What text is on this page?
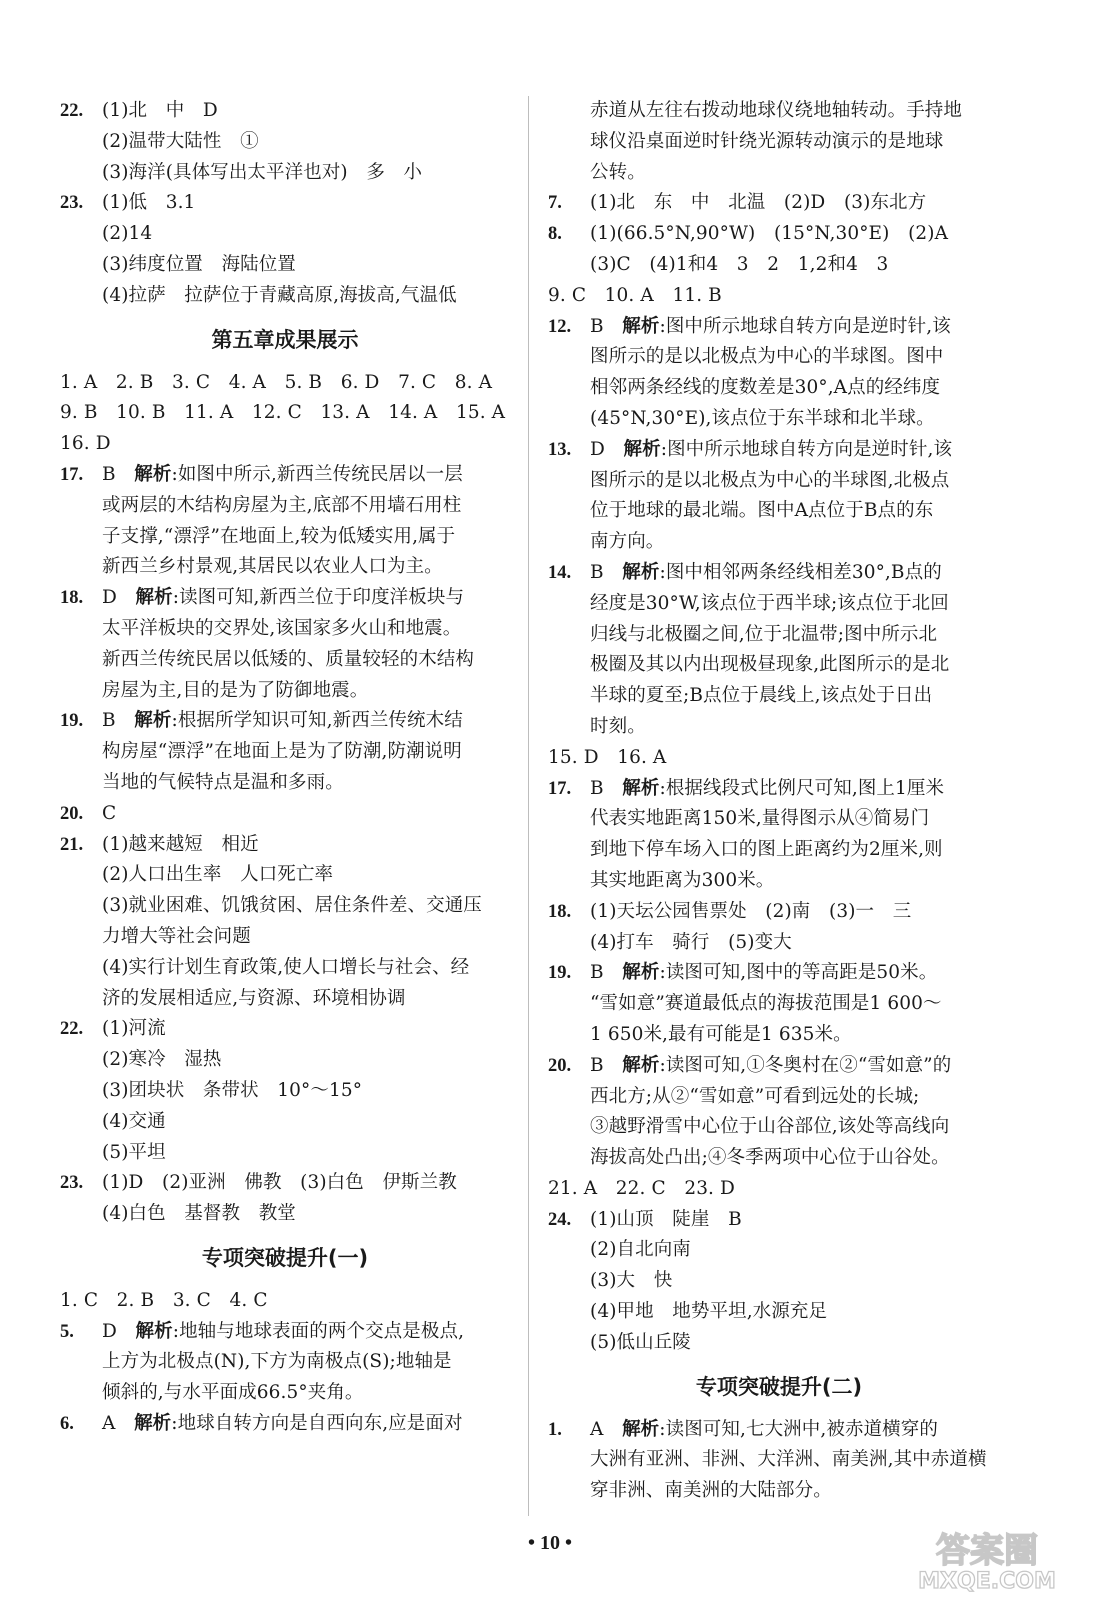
22.	(1)北　中　D
(2)温带大陆性　①
(3)海洋(具体写出太平洋也对)　多　小
23.	(1)低　3.1
(2)14
(3)纬度位置　海陆位置
(4)拉萨　拉萨位于青藏高原,海拔高,气温低
第五章成果展示
1. A　2. B　3. C　4. A　5. B　6. D　7. C　8. A
9. B　10. B　11. A　12. C　13. A　14. A　15. A
16. D
17.	B　解析:如图中所示,新西兰传统民居以一层
或两层的木结构房屋为主,底部不用墙石用柱
子支撑,“漂浮”在地面上,较为低矮实用,属于
新西兰乡村景观,其居民以农业人口为主。
18.	D　解析:读图可知,新西兰位于印度洋板块与
太平洋板块的交界处,该国家多火山和地震。
新西兰传统民居以低矮的、质量较轻的木结构
房屋为主,目的是为了防御地震。
19.	B　解析:根据所学知识可知,新西兰传统木结
构房屋“漂浮”在地面上是为了防潮,防潮说明
当地的气候特点是温和多雨。
20.	C
21.	(1)越来越短　相近
(2)人口出生率　人口死亡率
(3)就业困难、饥饿贫困、居住条件差、交通压
力增大等社会问题
(4)实行计划生育政策,使人口增长与社会、经
济的发展相适应,与资源、环境相协调
22.	(1)河流
(2)寒冷　湿热
(3)团块状　条带状　10°～15°
(4)交通
(5)平坦
23.	(1)D　(2)亚洲　佛教　(3)白色　伊斯兰教
(4)白色　基督教　教堂
专项突破提升(一)
1. C　2. B　3. C　4. C
5.	D　解析:地轴与地球表面的两个交点是极点,
上方为北极点(N),下方为南极点(S);地轴是
倾斜的,与水平面成66.5°夹角。
6.	A　解析:地球自转方向是自西向东,应是面对
赤道从左往右拨动地球仪绕地轴转动。手持地
球仪沿桌面逆时针绕光源转动演示的是地球
公转。
7.	(1)北　东　中　北温　(2)D　(3)东北方
8.	(1)(66.5°N,90°W)　(15°N,30°E)　(2)A
(3)C　(4)1和4　3　2　1,2和4　3
9. C　10. A　11. B
12.	B　解析:图中所示地球自转方向是逆时针,该
图所示的是以北极点为中心的半球图。图中
相邻两条经线的度数差是30°,A点的经纬度
(45°N,30°E),该点位于东半球和北半球。
13.	D　解析:图中所示地球自转方向是逆时针,该
图所示的是以北极点为中心的半球图,北极点
位于地球的最北端。图中A点位于B点的东
南方向。
14.	B　解析:图中相邻两条经线相差30°,B点的
经度是30°W,该点位于西半球;该点位于北回
归线与北极圈之间,位于北温带;图中所示北
极圈及其以内出现极昼现象,此图所示的是北
半球的夏至;B点位于晨线上,该点处于日出
时刻。
15. D　16. A
17.	B　解析:根据线段式比例尺可知,图上1厘米
代表实地距离150米,量得图示从④简易门
到地下停车场入口的图上距离约为2厘米,则
其实地距离为300米。
18.	(1)天坛公园售票处　(2)南　(3)一　三
(4)打车　骑行　(5)变大
19.	B　解析:读图可知,图中的等高距是50米。
“雪如意”赛道最低点的海拔范围是1 600～
1 650米,最有可能是1 635米。
20.	B　解析:读图可知,①冬奥村在②“雪如意”的
西北方;从②“雪如意”可看到远处的长城;
③越野滑雪中心位于山谷部位,该处等高线向
海拔高处凸出;④冬季两项中心位于山谷处。
21. A　22. C　23. D
24.	(1)山顶　陡崖　B
(2)自北向南
(3)大　快
(4)甲地　地势平坦,水源充足
(5)低山丘陵
专项突破提升(二)
1.	A　解析:读图可知,七大洲中,被赤道横穿的
大洲有亚洲、非洲、大洋洲、南美洲,其中赤道横
穿非洲、南美洲的大陆部分。
• 10 •	答案圈
MXQE.COM
